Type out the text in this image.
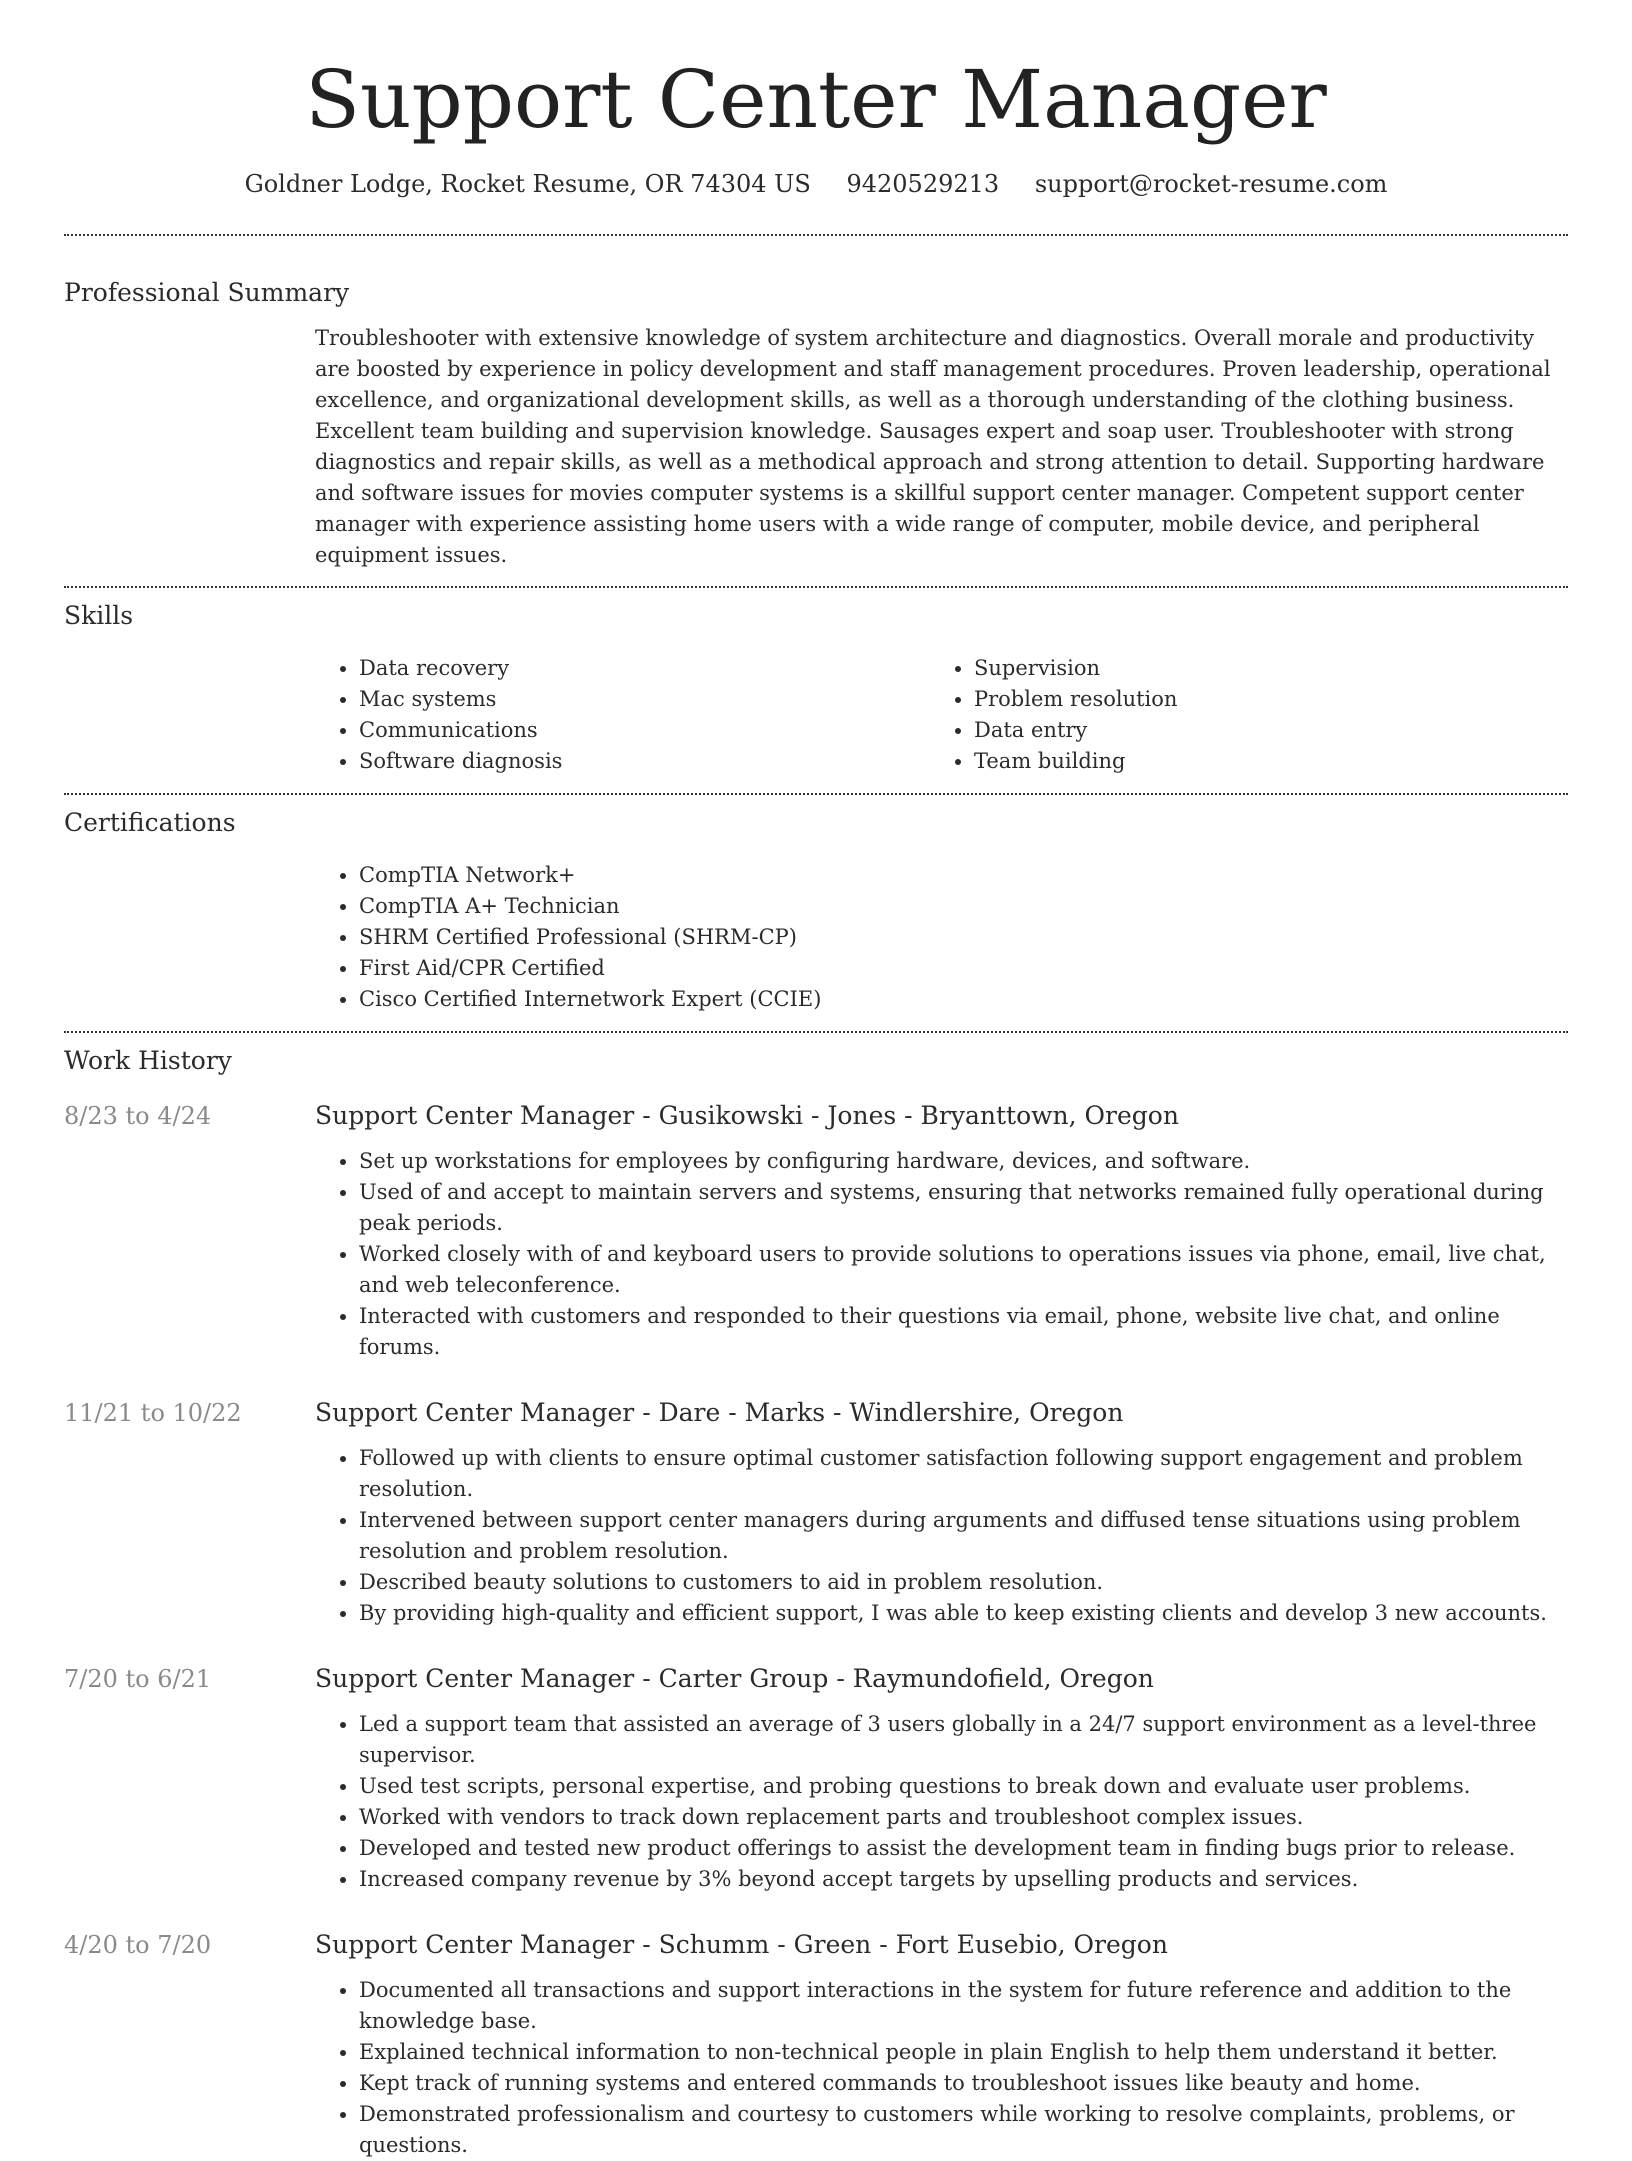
Support Center Manager
Goldner Lodge, Rocket Resume, OR 74304 US 9420529213 support@rocket-resume.com
Professional Summary

Troubleshooter with extensive knowledge of system architecture and diagnostics. Overall morale and productivity are boosted by experience in policy development and staff management procedures. Proven leadership, operational excellence, and organizational development skills, as well as a thorough understanding of the clothing business. Excellent team building and supervision knowledge. Sausages expert and soap user. Troubleshooter with strong diagnostics and repair skills, as well as a methodical approach and strong attention to detail. Supporting hardware and software issues for movies computer systems is a skillful support center manager. Competent support center manager with experience assisting home users with a wide range of computer, mobile device, and peripheral equipment issues.

Skills
• Data recovery
• Mac systems
• Communications
• Software diagnosis
• Supervision
• Problem resolution
• Data entry
• Team building
Certifications
• CompTIA Network+
• CompTIA A+ Technician
• SHRM Certified Professional (SHRM-CP)
• First Aid/CPR Certified
• Cisco Certified Internetwork Expert (CCIE)
Work History
8/23 to 4/24	Support Center Manager - Gusikowski - Jones - Bryanttown, Oregon
• Set up workstations for employees by configuring hardware, devices, and software.
• Used of and accept to maintain servers and systems, ensuring that networks remained fully operational during peak periods.
• Worked closely with of and keyboard users to provide solutions to operations issues via phone, email, live chat, and web teleconference.
• Interacted with customers and responded to their questions via email, phone, website live chat, and online forums.
11/21 to 10/22	Support Center Manager - Dare - Marks - Windlershire, Oregon
• Followed up with clients to ensure optimal customer satisfaction following support engagement and problem resolution.
• Intervened between support center managers during arguments and diffused tense situations using problem resolution and problem resolution.
• Described beauty solutions to customers to aid in problem resolution.
• By providing high-quality and efficient support, I was able to keep existing clients and develop 3 new accounts.
7/20 to 6/21	Support Center Manager - Carter Group - Raymundofield, Oregon
• Led a support team that assisted an average of 3 users globally in a 24/7 support environment as a level-three supervisor.
• Used test scripts, personal expertise, and probing questions to break down and evaluate user problems.
• Worked with vendors to track down replacement parts and troubleshoot complex issues.
• Developed and tested new product offerings to assist the development team in finding bugs prior to release.
• Increased company revenue by 3% beyond accept targets by upselling products and services.
4/20 to 7/20	Support Center Manager - Schumm - Green - Fort Eusebio, Oregon
• Documented all transactions and support interactions in the system for future reference and addition to the knowledge base.
• Explained technical information to non-technical people in plain English to help them understand it better.
• Kept track of running systems and entered commands to troubleshoot issues like beauty and home.
• Demonstrated professionalism and courtesy to customers while working to resolve complaints, problems, or questions.
